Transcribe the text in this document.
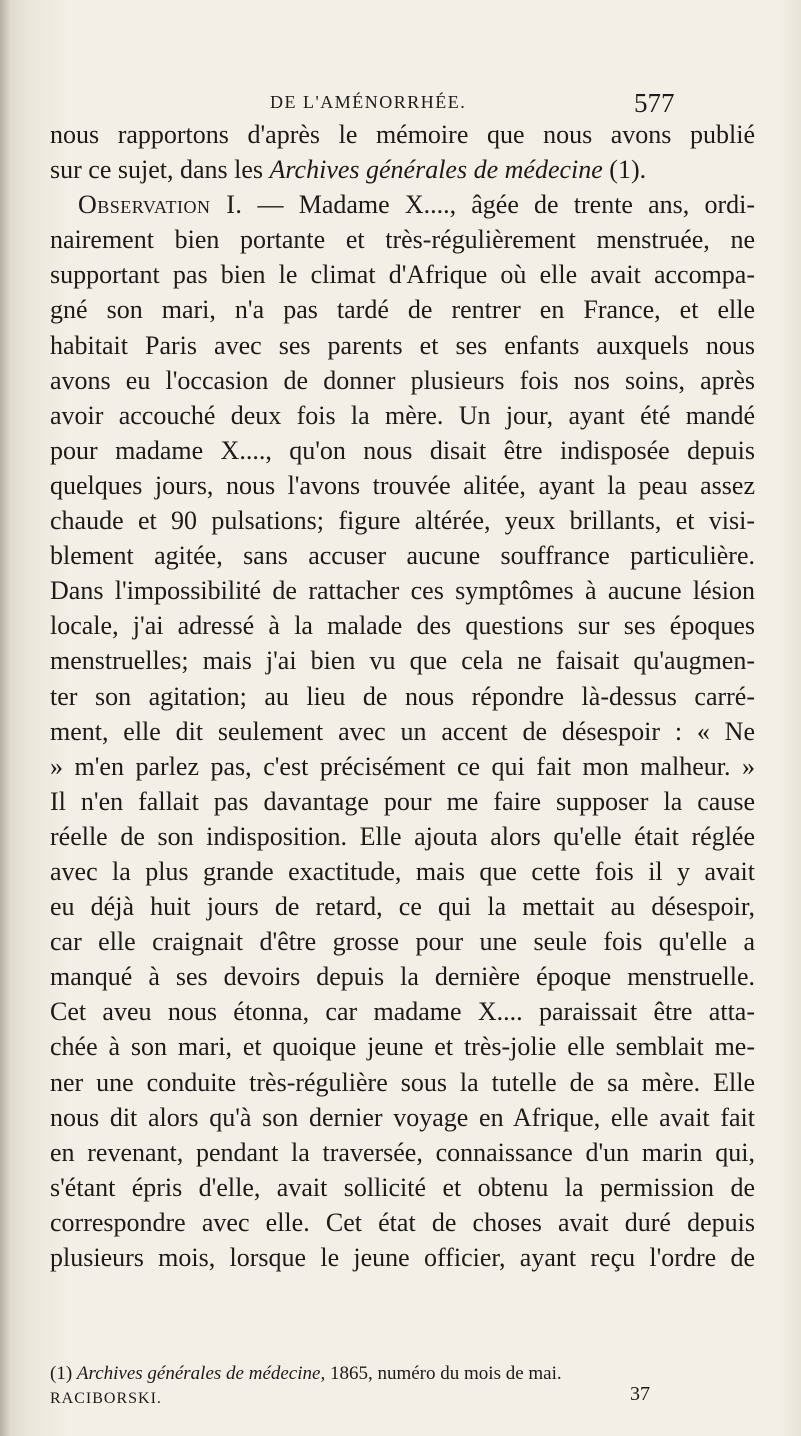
DE L'AMÉNORRHÉE.	577
nous rapportons d'après le mémoire que nous avons publié
sur ce sujet, dans les Archives générales de médecine (1).
Observation I. — Madame X...., âgée de trente ans, ordi-
nairement bien portante et très-régulièrement menstruée, ne
supportant pas bien le climat d'Afrique où elle avait accompa-
gné son mari, n'a pas tardé de rentrer en France, et elle
habitait Paris avec ses parents et ses enfants auxquels nous
avons eu l'occasion de donner plusieurs fois nos soins, après
avoir accouché deux fois la mère. Un jour, ayant été mandé
pour madame X...., qu'on nous disait être indisposée depuis
quelques jours, nous l'avons trouvée alitée, ayant la peau assez
chaude et 90 pulsations; figure altérée, yeux brillants, et visi-
blement agitée, sans accuser aucune souffrance particulière.
Dans l'impossibilité de rattacher ces symptômes à aucune lésion
locale, j'ai adressé à la malade des questions sur ses époques
menstruelles; mais j'ai bien vu que cela ne faisait qu'augmen-
ter son agitation; au lieu de nous répondre là-dessus carré-
ment, elle dit seulement avec un accent de désespoir : « Ne
» m'en parlez pas, c'est précisément ce qui fait mon malheur. »
Il n'en fallait pas davantage pour me faire supposer la cause
réelle de son indisposition. Elle ajouta alors qu'elle était réglée
avec la plus grande exactitude, mais que cette fois il y avait
eu déjà huit jours de retard, ce qui la mettait au désespoir,
car elle craignait d'être grosse pour une seule fois qu'elle a
manqué à ses devoirs depuis la dernière époque menstruelle.
Cet aveu nous étonna, car madame X.... paraissait être atta-
chée à son mari, et quoique jeune et très-jolie elle semblait me-
ner une conduite très-régulière sous la tutelle de sa mère. Elle
nous dit alors qu'à son dernier voyage en Afrique, elle avait fait
en revenant, pendant la traversée, connaissance d'un marin qui,
s'étant épris d'elle, avait sollicité et obtenu la permission de
correspondre avec elle. Cet état de choses avait duré depuis
plusieurs mois, lorsque le jeune officier, ayant reçu l'ordre de
(1) Archives générales de médecine, 1865, numéro du mois de mai.
RACIBORSKI.	37
